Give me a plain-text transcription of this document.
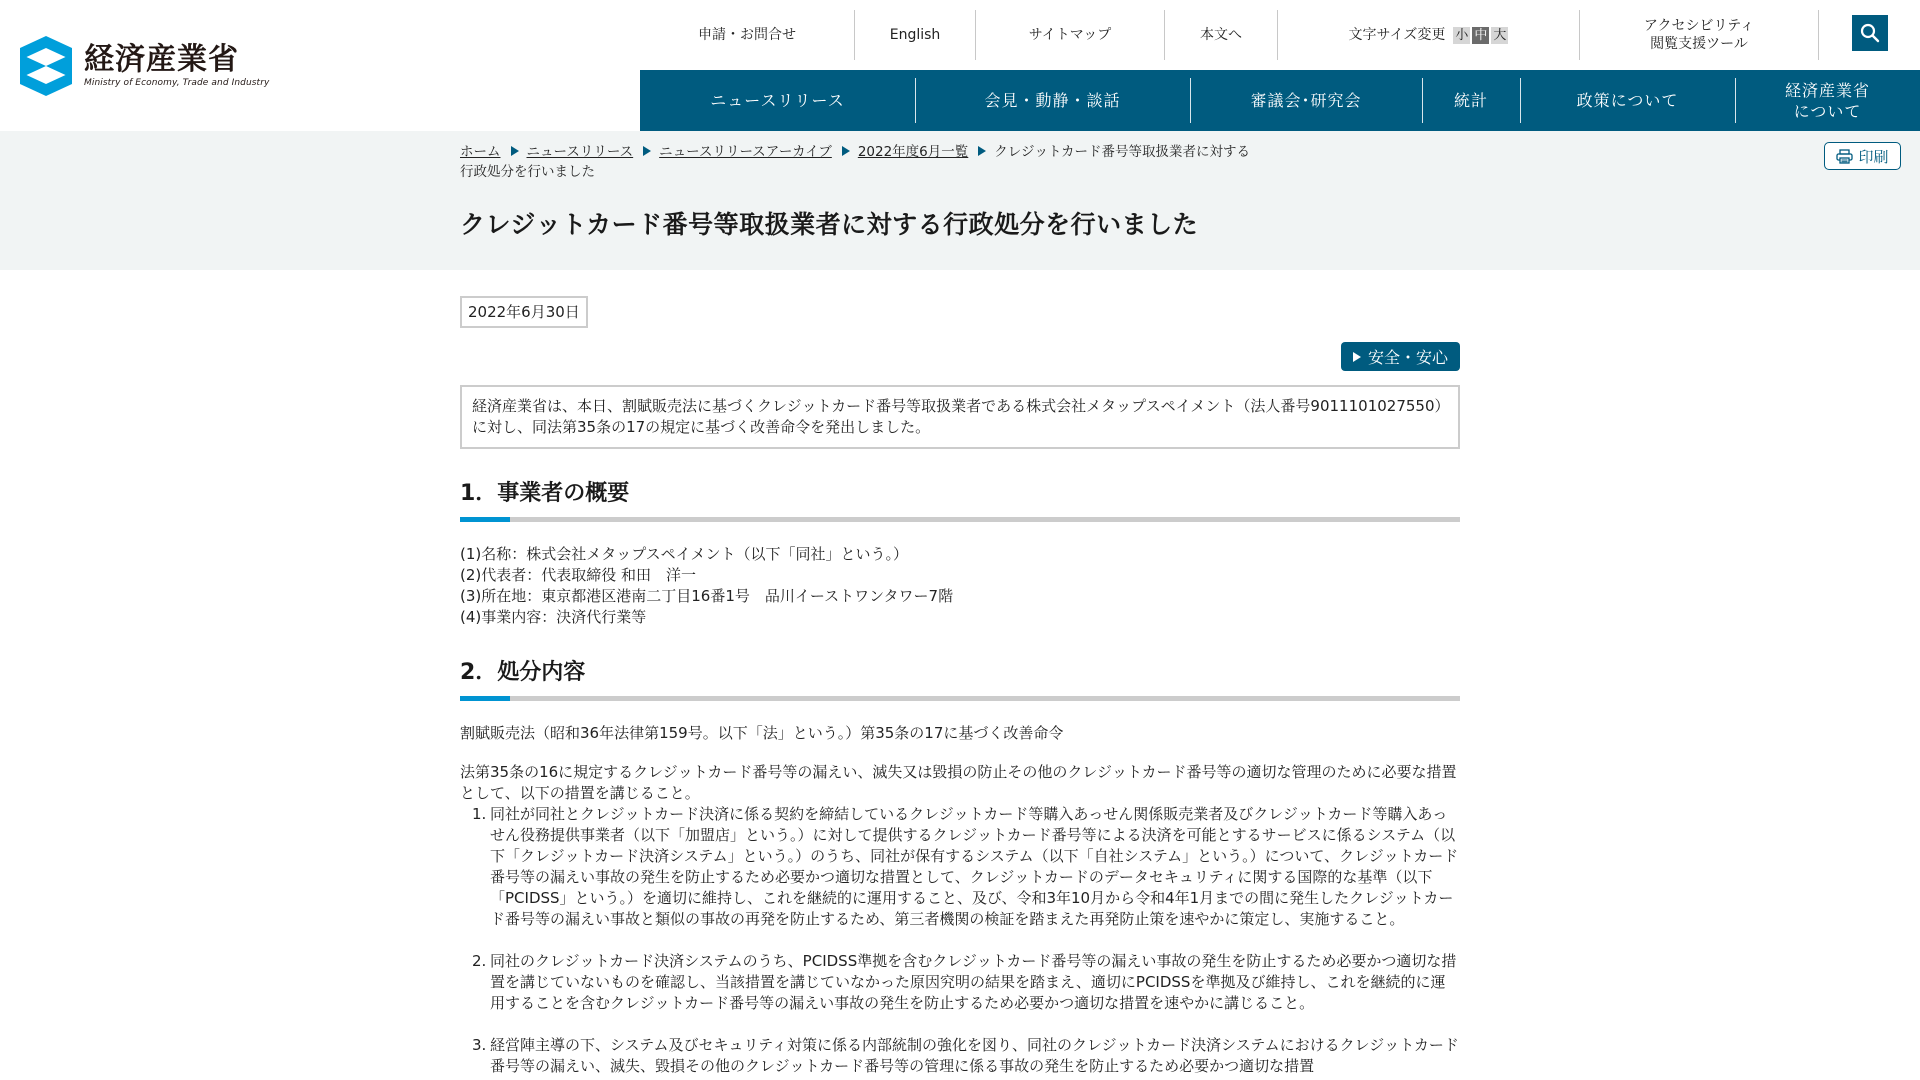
経済産業省
Ministry of Economy, Trade and Industry
申請・お問合せ	English	サイトマップ	本文へ	文字サイズ変更 小 中 大
アクセシビリティ
閲覧支援ツール
ニュースリリース	会見・動静・談話	審議会･研究会	統計	政策について
経済産業省
について
ホーム ニュースリリース ニュースリリースアーカイブ 2022年度6月一覧 クレジットカード番号等取扱業者に対する行政処分を行いました
印刷
クレジットカード番号等取扱業者に対する行政処分を行いました
2022年6月30日
安全・安心
経済産業省は、本日、割賦販売法に基づくクレジットカード番号等取扱業者である株式会社メタップスペイメント（法人番号9011101027550）に対し、同法第35条の17の規定に基づく改善命令を発出しました。
1．事業者の概要
(1)名称：株式会社メタップスペイメント（以下「同社」という。）
(2)代表者：代表取締役 和田　洋一
(3)所在地：東京都港区港南二丁目16番1号　品川イーストワンタワー7階
(4)事業内容：決済代行業等
2．処分内容

割賦販売法（昭和36年法律第159号。以下「法」という。）第35条の17に基づく改善命令

法第35条の16に規定するクレジットカード番号等の漏えい、滅失又は毀損の防止その他のクレジットカード番号等の適切な管理のために必要な措置として、以下の措置を講じること。

1. 同社が同社とクレジットカード決済に係る契約を締結しているクレジットカード等購入あっせん関係販売業者及びクレジットカード等購入あっせん役務提供事業者（以下「加盟店」という。）に対して提供するクレジットカード番号等による決済を可能とするサービスに係るシステム（以下「クレジットカード決済システム」という。）のうち、同社が保有するシステム（以下「自社システム」という。）について、クレジットカード番号等の漏えい事故の発生を防止するため必要かつ適切な措置として、クレジットカードのデータセキュリティに関する国際的な基準（以下「PCIDSS」という。）を適切に維持し、これを継続的に運用すること、及び、令和3年10月から令和4年1月までの間に発生したクレジットカード番号等の漏えい事故と類似の事故の再発を防止するため、第三者機関の検証を踏まえた再発防止策を速やかに策定し、実施すること。
2. 同社のクレジットカード決済システムのうち、PCIDSS準拠を含むクレジットカード番号等の漏えい事故の発生を防止するため必要かつ適切な措置を講じていないものを確認し、当該措置を講じていなかった原因究明の結果を踏まえ、適切にPCIDSSを準拠及び維持し、これを継続的に運用することを含むクレジットカード番号等の漏えい事故の発生を防止するため必要かつ適切な措置を速やかに講じること。
3. 経営陣主導の下、システム及びセキュリティ対策に係る内部統制の強化を図り、同社のクレジットカード決済システムにおけるクレジットカード番号等の漏えい、滅失、毀損その他のクレジットカード番号等の管理に係る事故の発生を防止するため必要かつ適切な措置
